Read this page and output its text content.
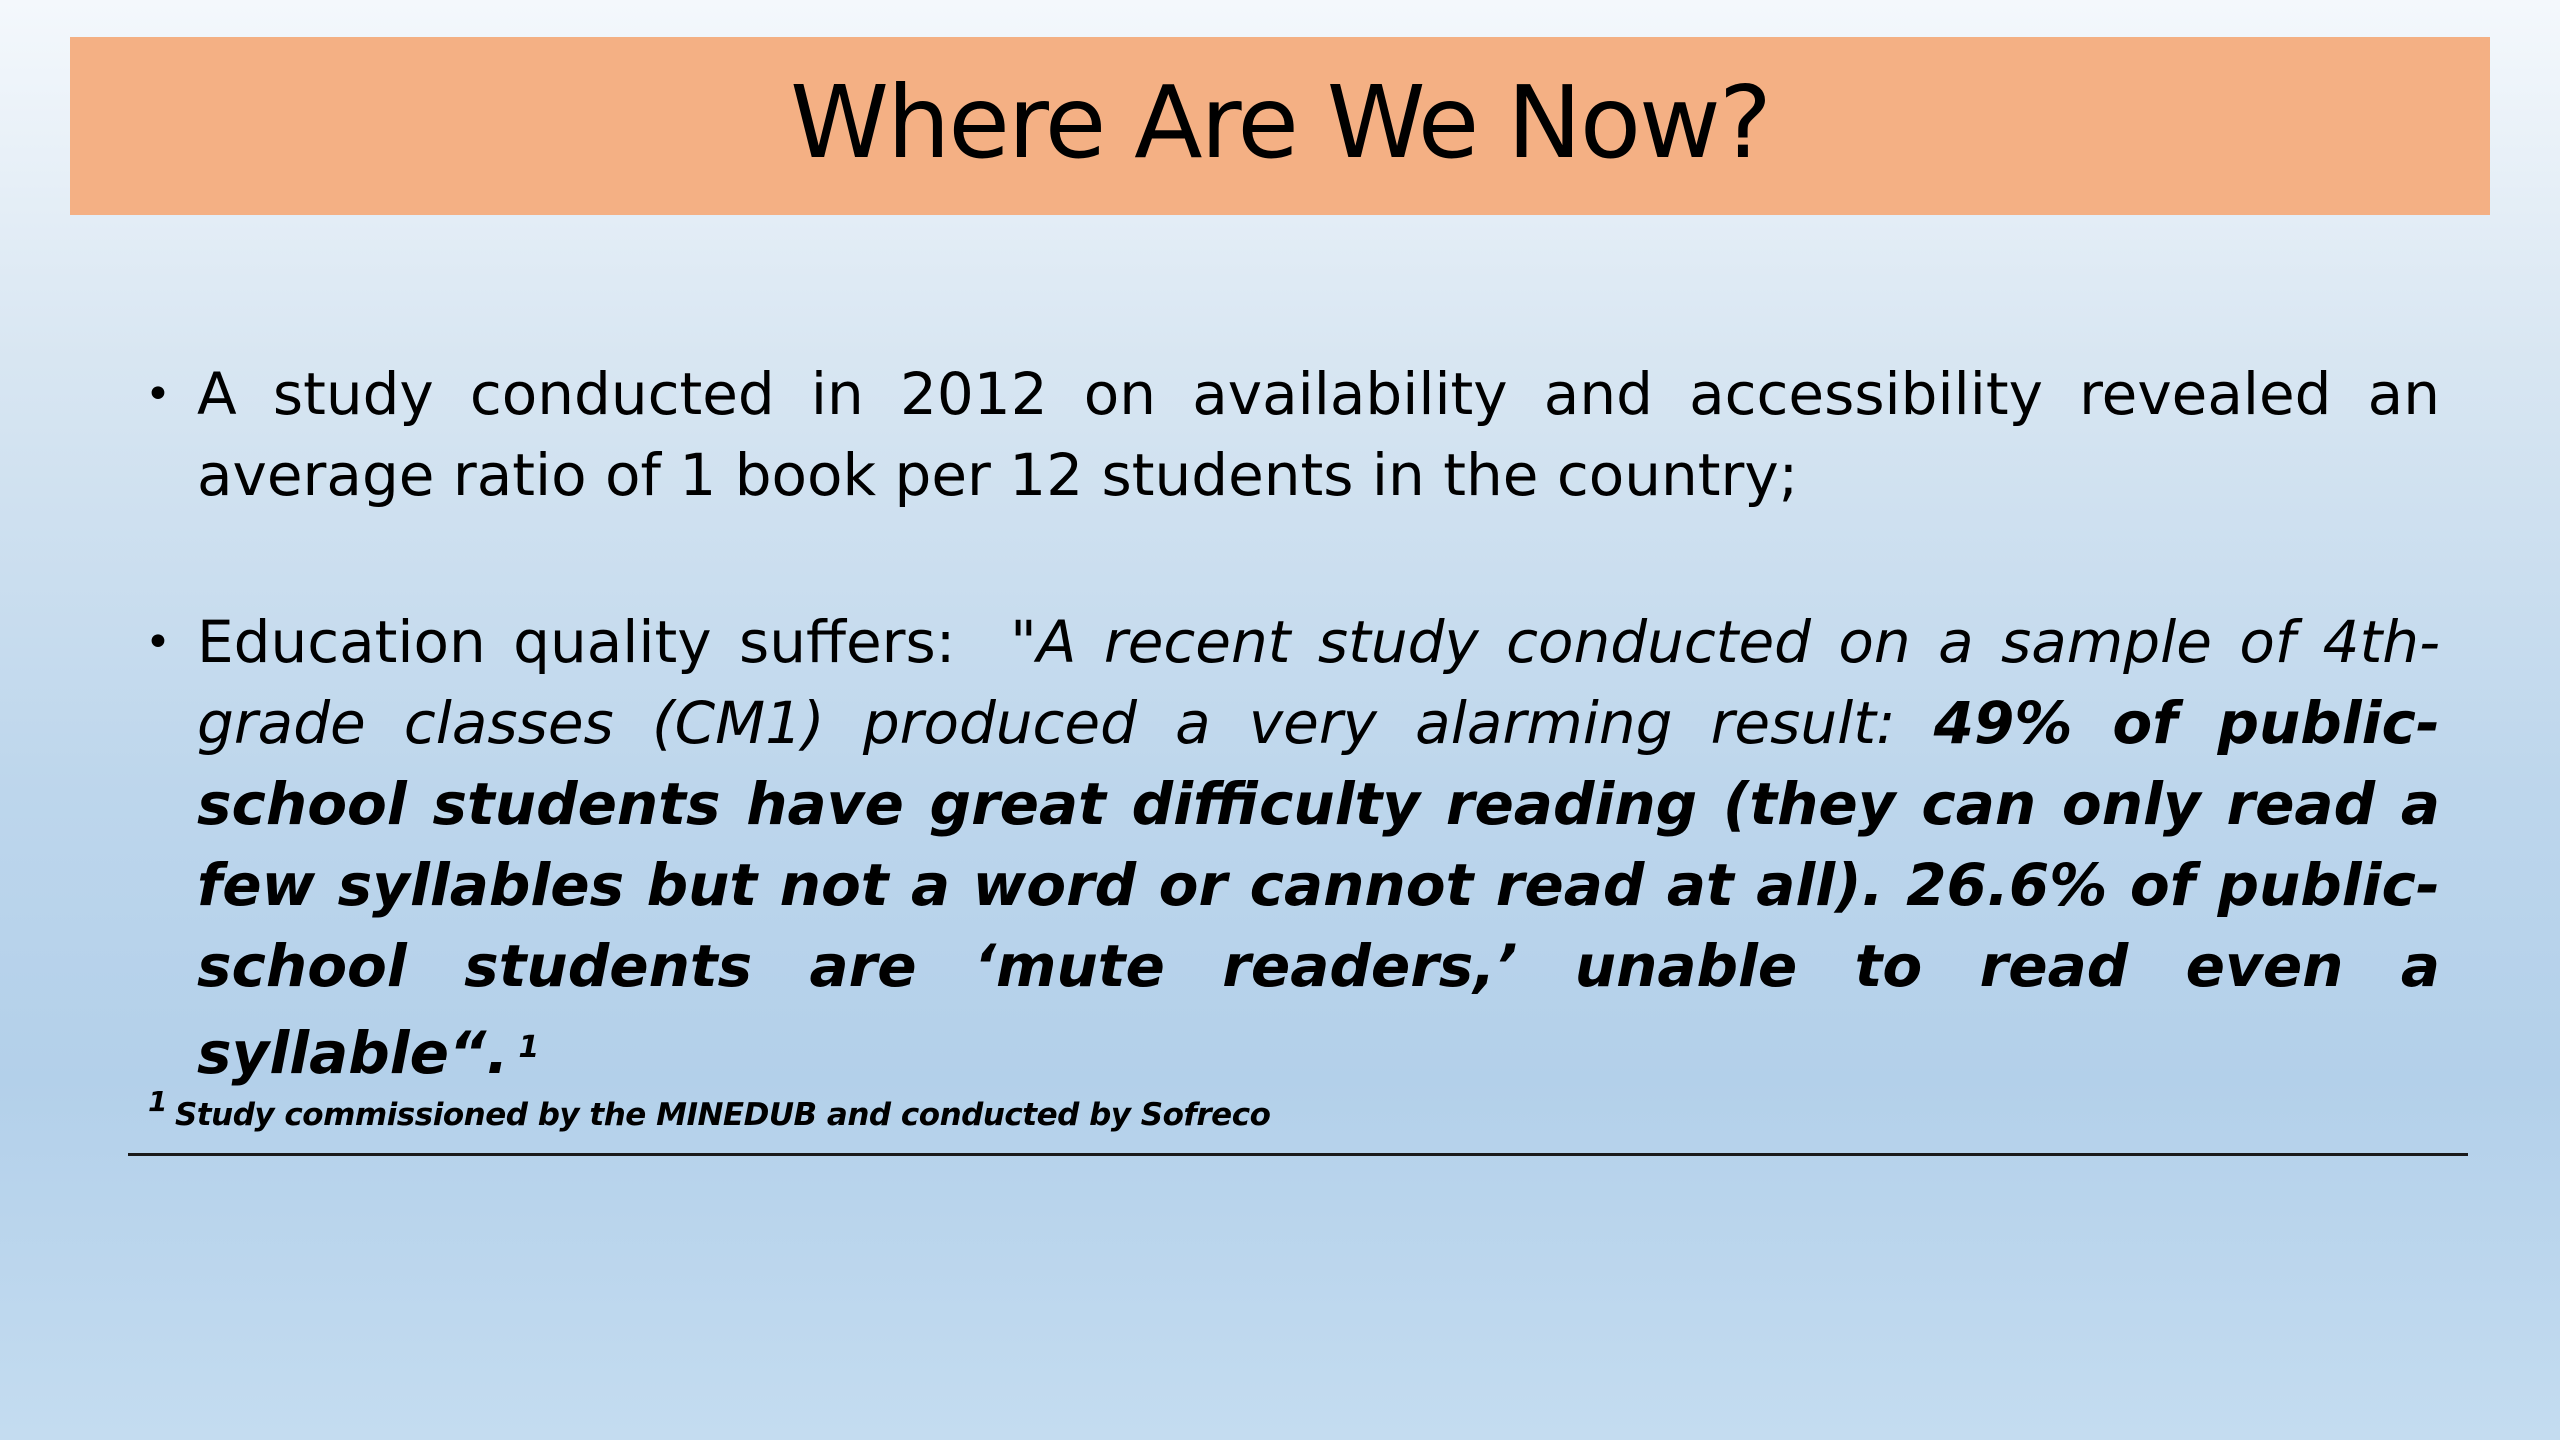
Where Are We Now?
• A study conducted in 2012 on availability and accessibility revealed an average ratio of 1 book per 12 students in the country;
• Education quality suffers: "A recent study conducted on a sample of 4th-grade classes (CM1) produced a very alarming result: 49% of public-school students have great difficulty reading (they can only read a few syllables but not a word or cannot read at all). 26.6% of public-school students are ‘mute readers,’ unable to read even a syllable“. $^1$
1 Study commissioned by the MINEDUB and conducted by Sofreco
